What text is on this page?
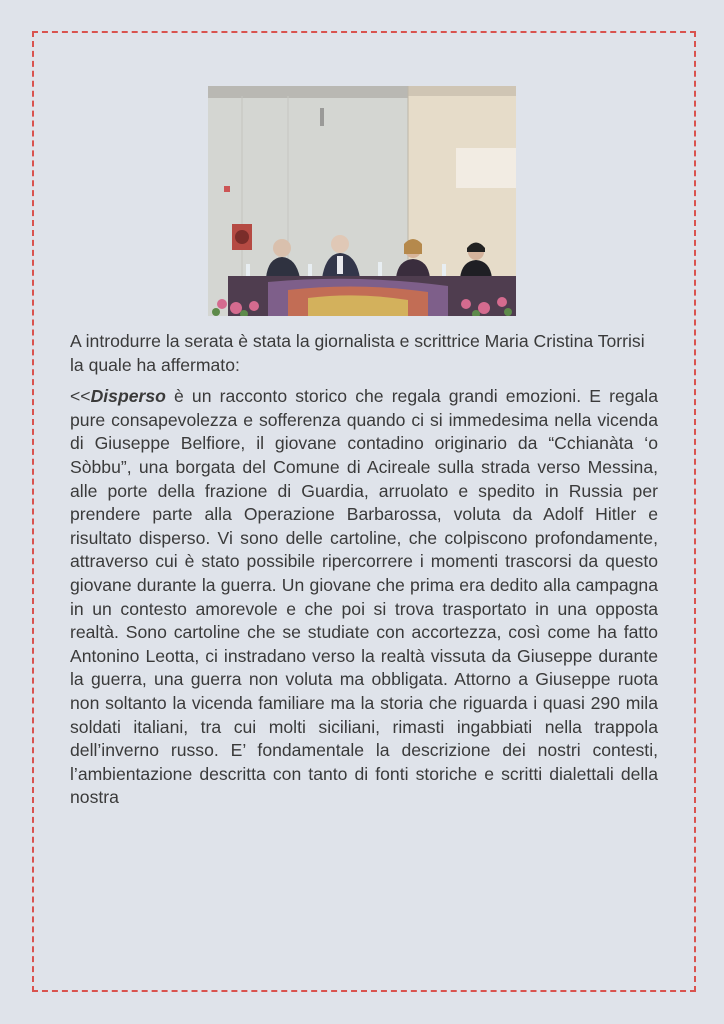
A introdurre la serata è stata la giornalista e scrittrice Maria Cristina Torrisi la quale ha affermato:

<<Disperso è un racconto storico che regala grandi emozioni. E regala pure consapevolezza e sofferenza quando ci si immedesima nella vicenda di Giuseppe Belfiore, il giovane contadino originario da “Cchianàta ‘o Sòbbu”, una borgata del Comune di Acireale sulla strada verso Messina, alle porte della frazione di Guardia, arruolato e spedito in Russia per prendere parte alla Operazione Barbarossa, voluta da Adolf Hitler e risultato disperso. Vi sono delle cartoline, che colpiscono profondamente, attraverso cui è stato possibile ripercorrere i momenti trascorsi da questo giovane durante la guerra. Un giovane che prima era dedito alla campagna in un contesto amorevole e che poi si trova trasportato in una opposta realtà. Sono cartoline che se studiate con accortezza, così come ha fatto Antonino Leotta, ci instradano verso la realtà vissuta da Giuseppe durante la guerra, una guerra non voluta ma obbligata. Attorno a Giuseppe ruota non soltanto la vicenda familiare ma la storia che riguarda i quasi 290 mila soldati italiani, tra cui molti siciliani, rimasti ingabbiati nella trappola dell’inverno russo. E’ fondamentale la descrizione dei nostri contesti, l’ambientazione descritta con tanto di fonti storiche e scritti dialettali della nostra
